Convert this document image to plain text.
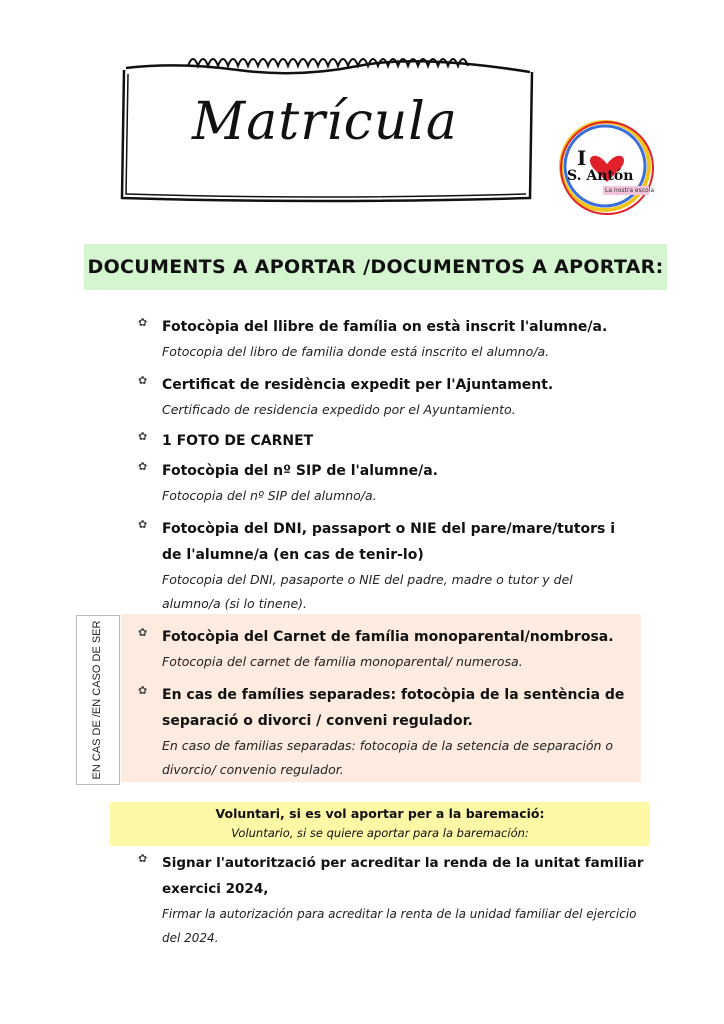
Matrícula
I
S. Antón
La nostra escola
DOCUMENTS A APORTAR /DOCUMENTOS A APORTAR:
✿ Fotocòpia del llibre de família on està inscrit l'alumne/a.
Fotocopia del libro de familia donde está inscrito el alumno/a.
✿ Certificat de residència expedit per l'Ajuntament.
Certificado de residencia expedido por el Ayuntamiento.
✿ 1 FOTO DE CARNET
✿ Fotocòpia del nº SIP de l'alumne/a.
Fotocopia del nº SIP del alumno/a.
✿ Fotocòpia del DNI, passaport o NIE del pare/mare/tutors i de l'alumne/a (en cas de tenir-lo)
Fotocopia del DNI, pasaporte o NIE del padre, madre o tutor y del alumno/a (si lo tinene).
EN CAS DE /EN CASO DE SER	✿ Fotocòpia del Carnet de família monoparental/nombrosa.
Fotocopia del carnet de familia monoparental/ numerosa.
✿ En cas de famílies separades: fotocòpia de la sentència de separació o divorci / conveni regulador.
En caso de familias separadas: fotocopia de la setencia de separación o divorcio/ convenio regulador.
Voluntari, si es vol aportar per a la baremació:
Voluntario, si se quiere aportar para la baremación:
✿ Signar l'autorització per acreditar la renda de la unitat familiar exercici 2024,
Firmar la autorización para acreditar la renta de la unidad familiar del ejercicio del 2024.
